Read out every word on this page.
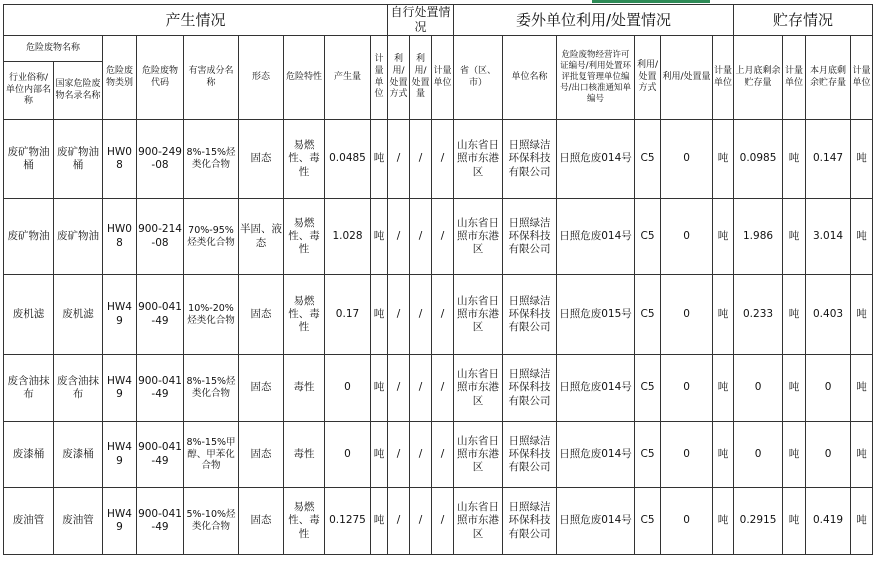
产生情况									自行处置情况			委外单位利用/处置情况						贮存情况			
危险废物名称		危险废物类别	危险废物代码	有害成分名称	形态	危险特性	产生量	计量单位	利用/处置方式	利用/处置量	计量单位	省（区、市）	单位名称	危险废物经营许可证编号/利用处置环评批复管理单位编号/出口核准通知单编号	利用/处置方式	利用/处置量	计量单位	上月底剩余贮存量	计量单位	本月底剩余贮存量	计量单位
行业俗称/单位内部名称	国家危险废物名录名称																				
废矿物油桶	废矿物油桶	HW08	900-249-08	8%-15%烃类化合物	固态	易燃性、毒性	0.0485	吨	/	/	/	山东省日照市东港区	日照绿洁环保科技有限公司	日照危废014号	C5	0	吨	0.0985	吨	0.147	吨
废矿物油	废矿物油	HW08	900-214-08	70%-95%烃类化合物	半固、液态	易燃性、毒性	1.028	吨	/	/	/	山东省日照市东港区	日照绿洁环保科技有限公司	日照危废014号	C5	0	吨	1.986	吨	3.014	吨
废机滤	废机滤	HW49	900-041-49	10%-20%烃类化合物	固态	易燃性、毒性	0.17	吨	/	/	/	山东省日照市东港区	日照绿洁环保科技有限公司	日照危废015号	C5	0	吨	0.233	吨	0.403	吨
废含油抹布	废含油抹布	HW49	900-041-49	8%-15%烃类化合物	固态	毒性	0	吨	/	/	/	山东省日照市东港区	日照绿洁环保科技有限公司	日照危废014号	C5	0	吨	0	吨	0	吨
废漆桶	废漆桶	HW49	900-041-49	8%-15%甲醇、甲苯化合物	固态	毒性	0	吨	/	/	/	山东省日照市东港区	日照绿洁环保科技有限公司	日照危废014号	C5	0	吨	0	吨	0	吨
废油管	废油管	HW49	900-041-49	5%-10%烃类化合物	固态	易燃性、毒性	0.1275	吨	/	/	/	山东省日照市东港区	日照绿洁环保科技有限公司	日照危废014号	C5	0	吨	0.2915	吨	0.419	吨
